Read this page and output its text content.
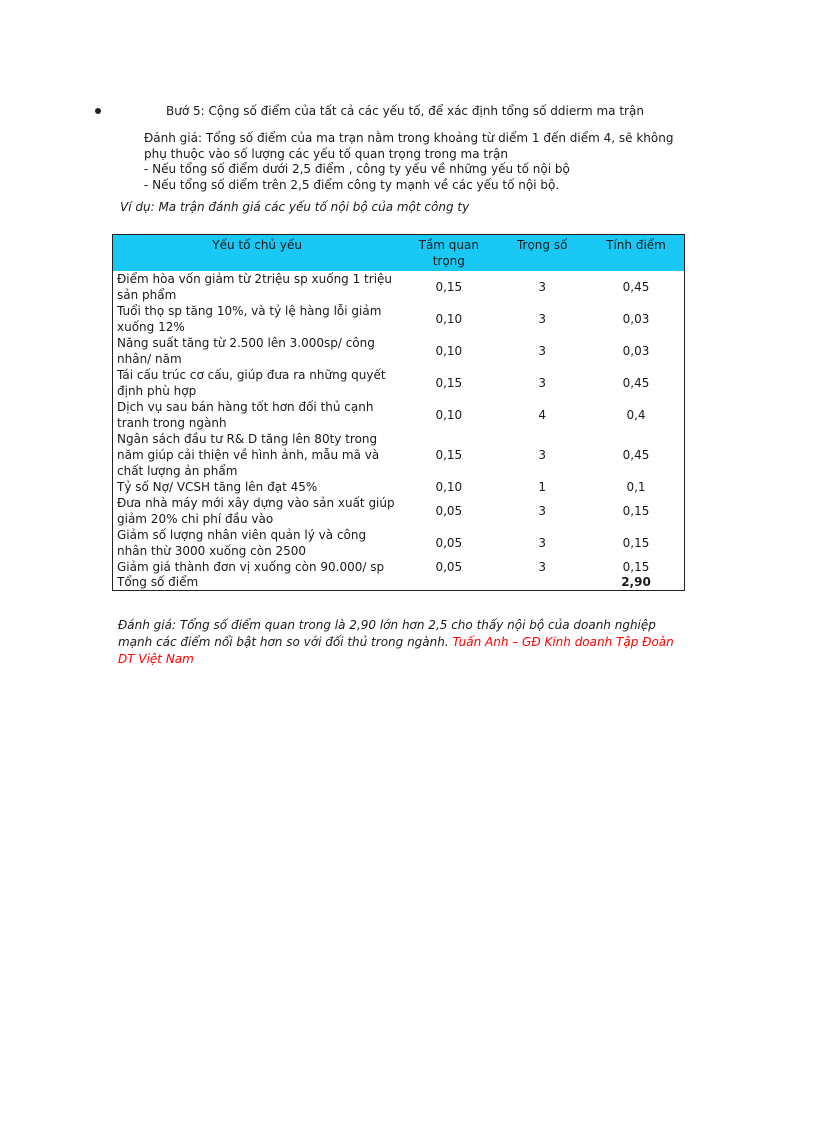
Bướ 5: Cộng số điểm của tất cả các yếu tố, để xác định tổng số ddierm ma trận

Đánh giá: Tổng số điểm của ma trạn nằm trong khoảng từ diểm 1 đến diểm 4, sẽ không phụ thuộc vào số lượng các yếu tố quan trọng trong ma trận

- Nếu tổng số điểm dưới 2,5 điểm , công ty yếu về những yếu tố nội bộ

- Nếu tổng số diểm trên 2,5 điểm công ty mạnh về các yếu tố nội bộ.

Ví dụ: Ma trận đánh giá các yếu tố nội bộ của một công ty
Yếu tố chủ yếu	Tầm quan trọng	Trọng số	Tính điểm
Điểm hòa vốn giảm từ 2triệu sp xuống 1 triệu sản phẩm	0,15	3	0,45
Tuổi thọ sp tăng 10%, và tỷ lệ hàng lỗi giảm xuống 12%	0,10	3	0,03
Năng suất tăng từ 2.500 lên 3.000sp/ công nhân/ năm	0,10	3	0,03
Tái cấu trúc cơ cấu, giúp đưa ra những quyết định phù hợp	0,15	3	0,45
Dịch vụ sau bán hàng tốt hơn đối thủ cạnh tranh trong ngành	0,10	4	0,4
Ngân sách đầu tư R& D tăng lên 80ty trong năm giúp cải thiện về hình ảnh, mẫu mã và chất lượng ản phẩm	0,15	3	0,45
Tỷ số Nợ/ VCSH tăng lên đạt 45%	0,10	1	0,1
Đưa nhà máy mới xây dựng vào sản xuất giúp giảm 20% chi phí đầu vào	0,05	3	0,15
Giảm số lượng nhân viên quản lý và công nhân thừ 3000 xuống còn 2500	0,05	3	0,15
Giảm giá thành đơn vị xuống còn 90.000/ sp	0,05	3	0,15
Tổng số điểm			2,90
Đánh giá: Tổng số điểm quan trong là 2,90 lớn hơn 2,5 cho thấy nội bộ của doanh nghiệp mạnh các điểm nổi bật hơn so với đối thủ trong ngành. Tuấn Anh – GĐ Kinh doanh Tập Đoàn DT Việt Nam
